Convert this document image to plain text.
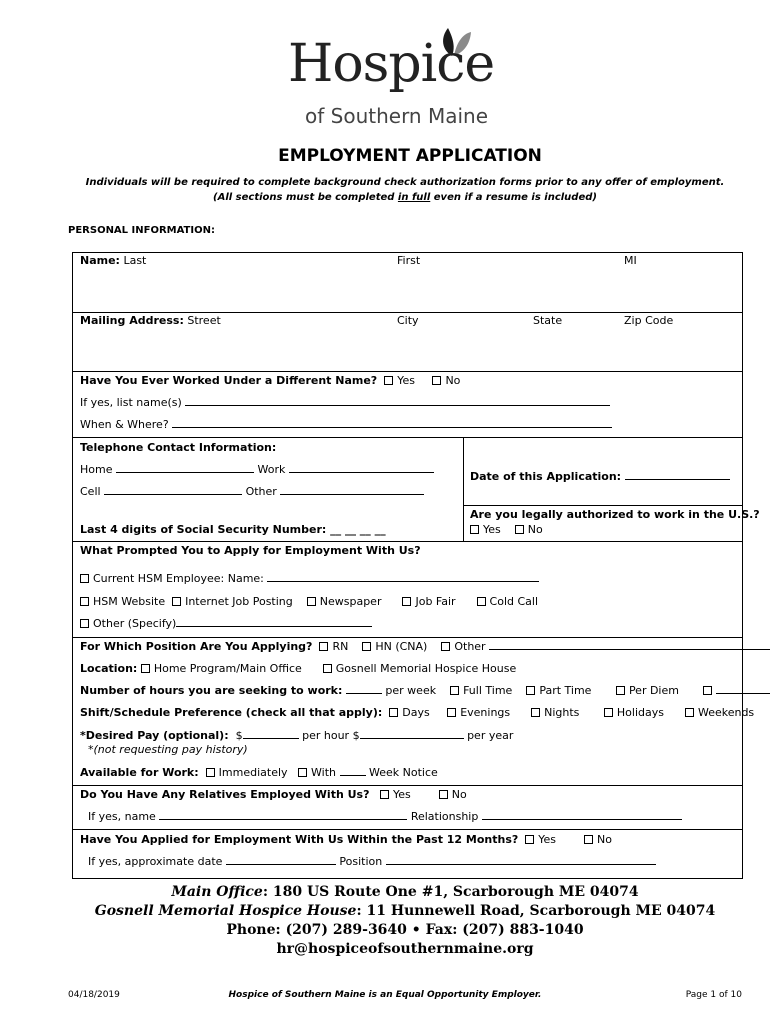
Hospice
of Southern Maine
EMPLOYMENT APPLICATION
Individuals will be required to complete background check authorization forms prior to any offer of employment.
(All sections must be completed in full even if a resume is included)
PERSONAL INFORMATION:
Name: Last	First	MI
Mailing Address: Street	City	State	Zip Code
Have You Ever Worked Under a Different Name? Yes	No
If yes, list name(s)
When & Where?
Telephone Contact Information:
Home	Work
Cell	Other
Date of this Application:
Last 4 digits of Social Security Number: __ __ __ __
Are you legally authorized to work in the U.S.?
Yes No
What Prompted You to Apply for Employment With Us?
Current HSM Employee: Name:
HSM Website Internet Job Posting Newspaper	Job Fair	Cold Call
Other (Specify)
For Which Position Are You Applying? RN HN (CNA) Other
Location: Home Program/Main Office	Gosnell Memorial Hospice House
Number of hours you are seeking to work:	per week Full Time Part Time	Per Diem
Shift/Schedule Preference (check all that apply): Days	Evenings	Nights	Holidays	Weekends
*Desired Pay (optional): $	per hour $	per year
*(not requesting pay history)
Available for Work: Immediately With	Week Notice
Do You Have Any Relatives Employed With Us? Yes	No
If yes, name	Relationship
Have You Applied for Employment With Us Within the Past 12 Months? Yes	No
If yes, approximate date	Position
Main Office: 180 US Route One #1, Scarborough ME 04074
Gosnell Memorial Hospice House: 11 Hunnewell Road, Scarborough ME 04074
Phone: (207) 289-3640 • Fax: (207) 883-1040
hr@hospiceofsouthernmaine.org
04/18/2019	Hospice of Southern Maine is an Equal Opportunity Employer.	Page 1 of 10
